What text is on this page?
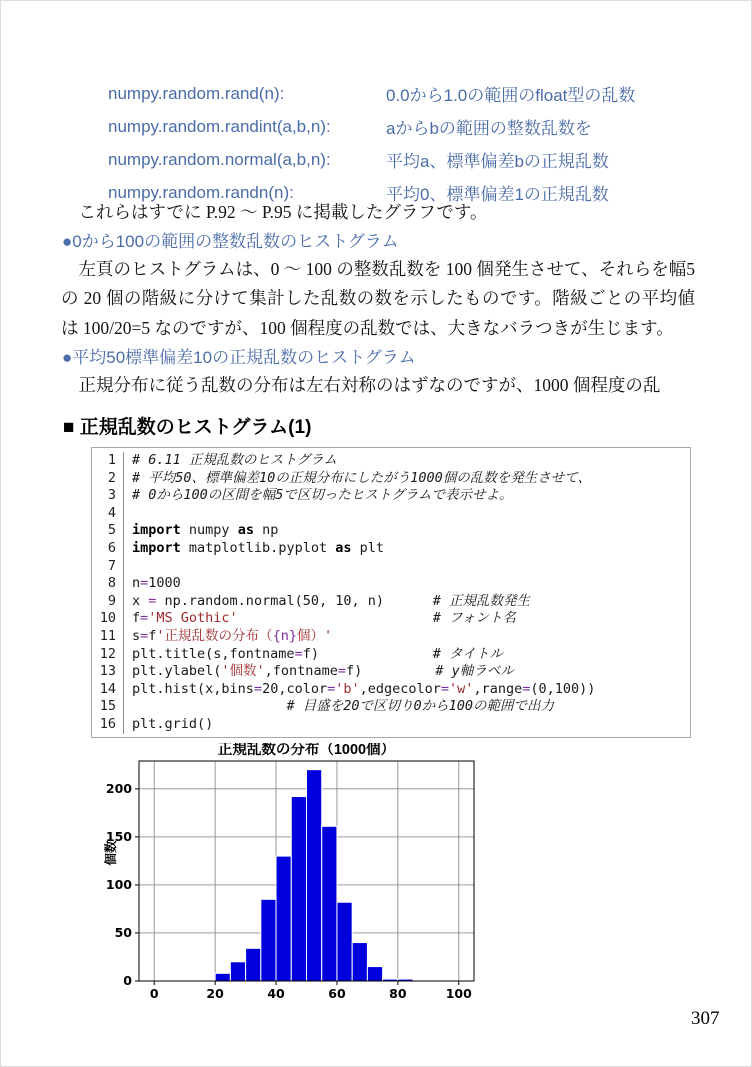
numpy.random.rand(n):	0.0から1.0の範囲のfloat型の乱数
numpy.random.randint(a,b,n):	aからbの範囲の整数乱数を
numpy.random.normal(a,b,n):	平均a、標準偏差bの正規乱数
numpy.random.randn(n):	平均0、標準偏差1の正規乱数

　これらはすでに P.92 ～ P.95 に掲載したグラフです。

●0から100の範囲の整数乱数のヒストグラム

　左頁のヒストグラムは、0 ～ 100 の整数乱数を 100 個発生させて、それらを幅5の 20 個の階級に分けて集計した乱数の数を示したものです。階級ごとの平均値は 100/20=5 なのですが、100 個程度の乱数では、大きなバラつきが生じます。

●平均50標準偏差10の正規乱数のヒストグラム

　正規分布に従う乱数の分布は左右対称のはずなのですが、1000 個程度の乱

■ 正規乱数のヒストグラム(1)
1	# 6.11 正規乱数のヒストグラム
2	# 平均50、標準偏差10の正規分布にしたがう1000個の乱数を発生させて、
3	# 0から100の区間を幅5で区切ったヒストグラムで表示せよ。
4

5	import numpy as np
6	import matplotlib.pyplot as plt
7

8	n=1000
9	x = np.random.normal(50, 10, n)	# 正規乱数発生
10	f='MS Gothic'	# フォント名
11	s=f'正規乱数の分布（{n}個）'
12	plt.title(s,fontname=f)	# タイトル
13	plt.ylabel('個数',fontname=f)	# y軸ラベル
14	plt.hist(x,bins=20,color='b',edgecolor='w',range=(0,100))
15	# 目盛を20で区切り0から100の範囲で出力
16	plt.grid()
0	20	40	60	80	100
0
50
100
150
200
正規乱数の分布（1000個）
個数
307
